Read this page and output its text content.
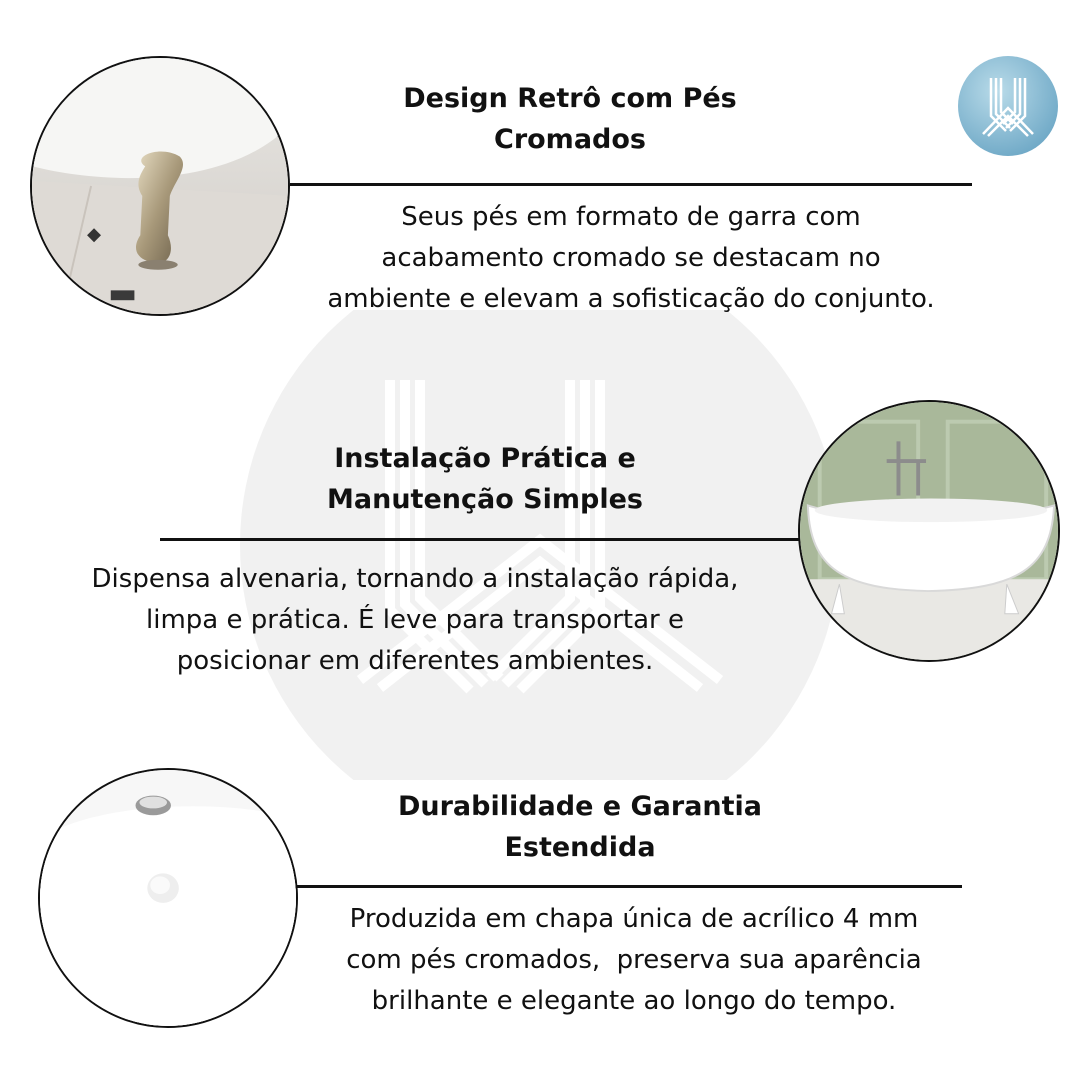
Design Retrô com Pés
Cromados

Seus pés em formato de garra com
acabamento cromado se destacam no
ambiente e elevam a sofisticação do conjunto.

Instalação Prática e
Manutenção Simples

Dispensa alvenaria, tornando a instalação rápida,
limpa e prática. É leve para transportar e
posicionar em diferentes ambientes.

Durabilidade e Garantia
Estendida

Produzida em chapa única de acrílico 4 mm
com pés cromados,  preserva sua aparência
brilhante e elegante ao longo do tempo.
